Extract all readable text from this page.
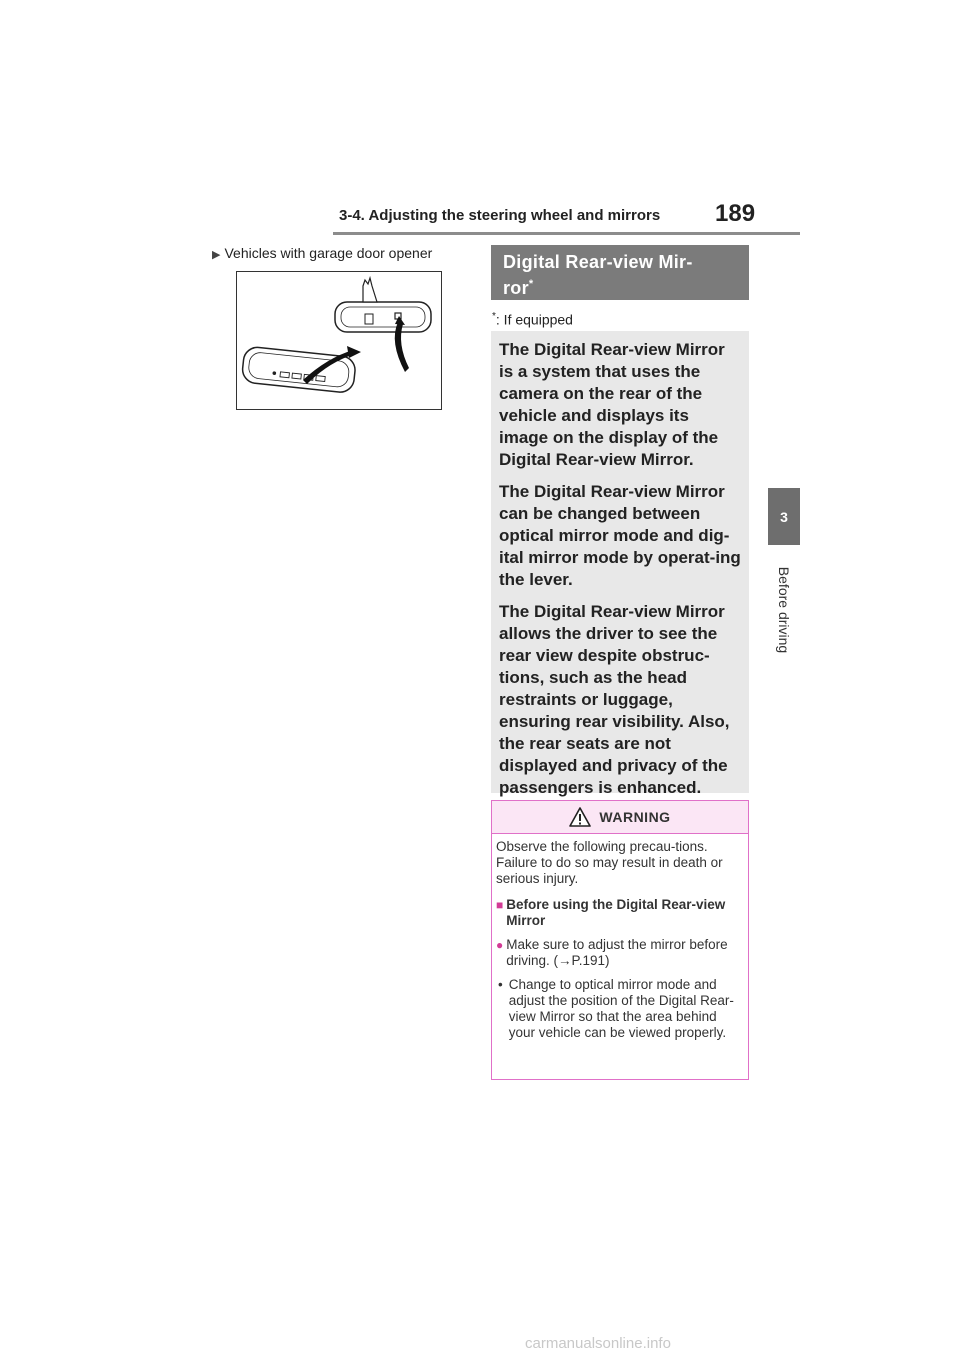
3-4. Adjusting the steering wheel and mirrors	189
3
Before driving
▶ Vehicles with garage door opener	Digital Rear-view Mir-
ror*
*: If equipped

The Digital Rear-view Mirror is a system that uses the camera on the rear of the vehicle and displays its image on the display of the Digital Rear-view Mirror.

The Digital Rear-view Mirror can be changed between optical mirror mode and dig-ital mirror mode by operat-ing the lever.

The Digital Rear-view Mirror allows the driver to see the rear view despite obstruc-tions, such as the head restraints or luggage, ensuring rear visibility. Also, the rear seats are not displayed and privacy of the passengers is enhanced.

WARNING

Observe the following precau-tions.

Failure to do so may result in death or serious injury.

■ Before using the Digital Rear-view Mirror
● Make sure to adjust the mirror before driving. (→P.191)
• Change to optical mirror mode and adjust the position of the Digital Rear-view Mirror so that the area behind your vehicle can be viewed properly.
carmanualsonline.info
